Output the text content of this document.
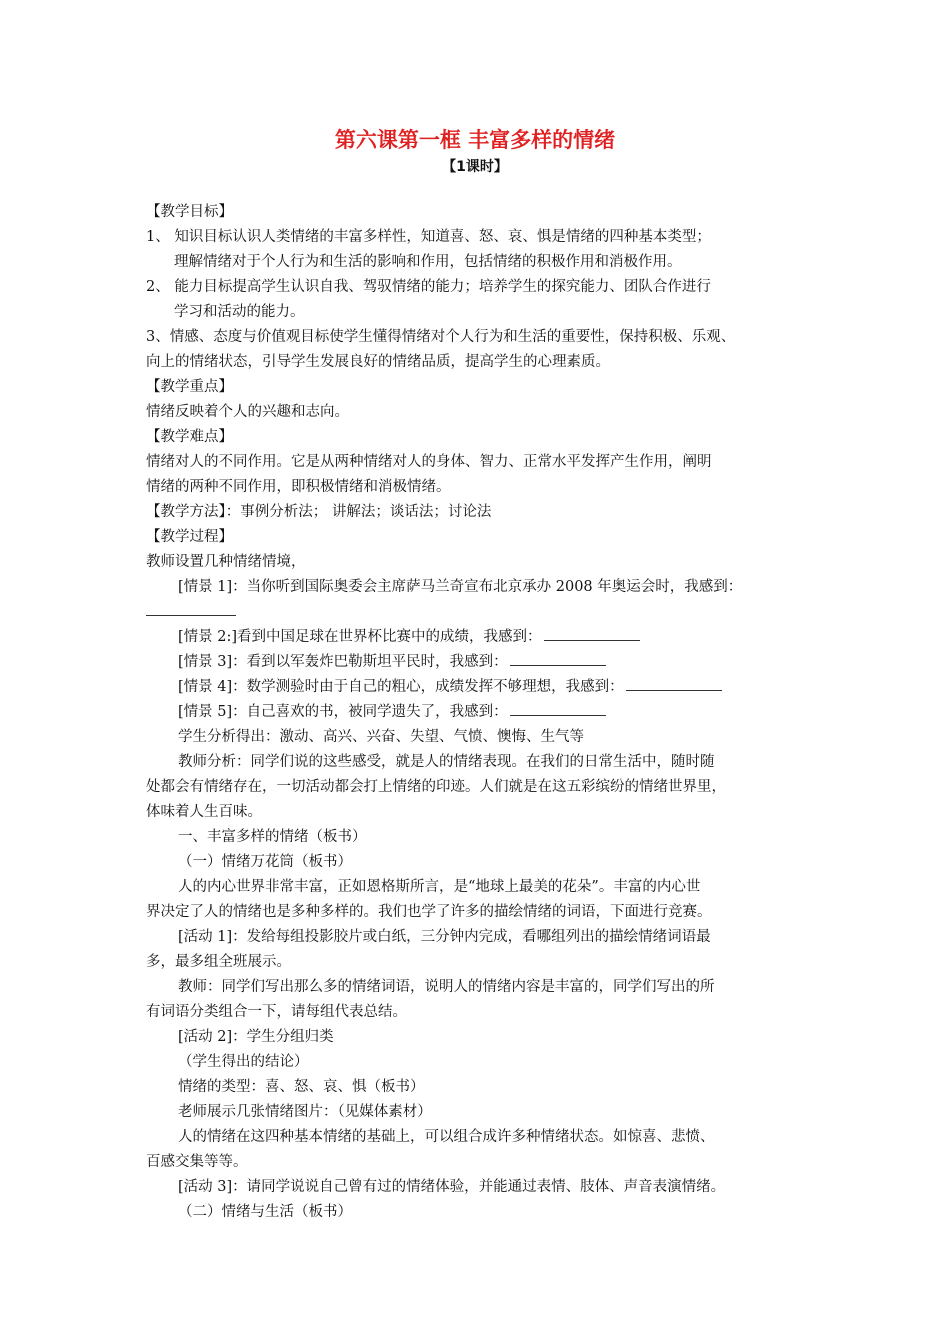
第六课第一框 丰富多样的情绪
【1课时】
【教学目标】
1、 知识目标认识人类情绪的丰富多样性，知道喜、怒、哀、惧是情绪的四种基本类型；
理解情绪对于个人行为和生活的影响和作用，包括情绪的积极作用和消极作用。
2、 能力目标提高学生认识自我、驾驭情绪的能力；培养学生的探究能力、团队合作进行
学习和活动的能力。
3、情感、态度与价值观目标使学生懂得情绪对个人行为和生活的重要性，保持积极、乐观、
向上的情绪状态，引导学生发展良好的情绪品质，提高学生的心理素质。
【教学重点】
情绪反映着个人的兴趣和志向。
【教学难点】
情绪对人的不同作用。它是从两种情绪对人的身体、智力、正常水平发挥产生作用，阐明
情绪的两种不同作用，即积极情绪和消极情绪。
【教学方法】：事例分析法； 讲解法；谈话法；讨论法
【教学过程】
教师设置几种情绪情境，
[情景 1]：当你听到国际奥委会主席萨马兰奇宣布北京承办 2008 年奥运会时，我感到：
[情景 2:]看到中国足球在世界杯比赛中的成绩，我感到：
[情景 3]：看到以军轰炸巴勒斯坦平民时，我感到：
[情景 4]：数学测验时由于自己的粗心，成绩发挥不够理想，我感到：
[情景 5]：自己喜欢的书，被同学遗失了，我感到：
学生分析得出：激动、高兴、兴奋、失望、气愤、懊悔、生气等
教师分析：同学们说的这些感受，就是人的情绪表现。在我们的日常生活中，随时随
处都会有情绪存在，一切活动都会打上情绪的印迹。人们就是在这五彩缤纷的情绪世界里，
体味着人生百味。
一、丰富多样的情绪（板书）
（一）情绪万花筒（板书）
人的内心世界非常丰富，正如恩格斯所言，是“地球上最美的花朵”。丰富的内心世
界决定了人的情绪也是多种多样的。我们也学了许多的描绘情绪的词语，下面进行竞赛。
[活动 1]：发给每组投影胶片或白纸，三分钟内完成，看哪组列出的描绘情绪词语最
多，最多组全班展示。
教师：同学们写出那么多的情绪词语，说明人的情绪内容是丰富的，同学们写出的所
有词语分类组合一下，请每组代表总结。
[活动 2]：学生分组归类
（学生得出的结论）
情绪的类型：喜、怒、哀、惧（板书）
老师展示几张情绪图片：（见媒体素材）
人的情绪在这四种基本情绪的基础上，可以组合成许多种情绪状态。如惊喜、悲愤、
百感交集等等。
[活动 3]：请同学说说自己曾有过的情绪体验，并能通过表情、肢体、声音表演情绪。
（二）情绪与生活（板书）
